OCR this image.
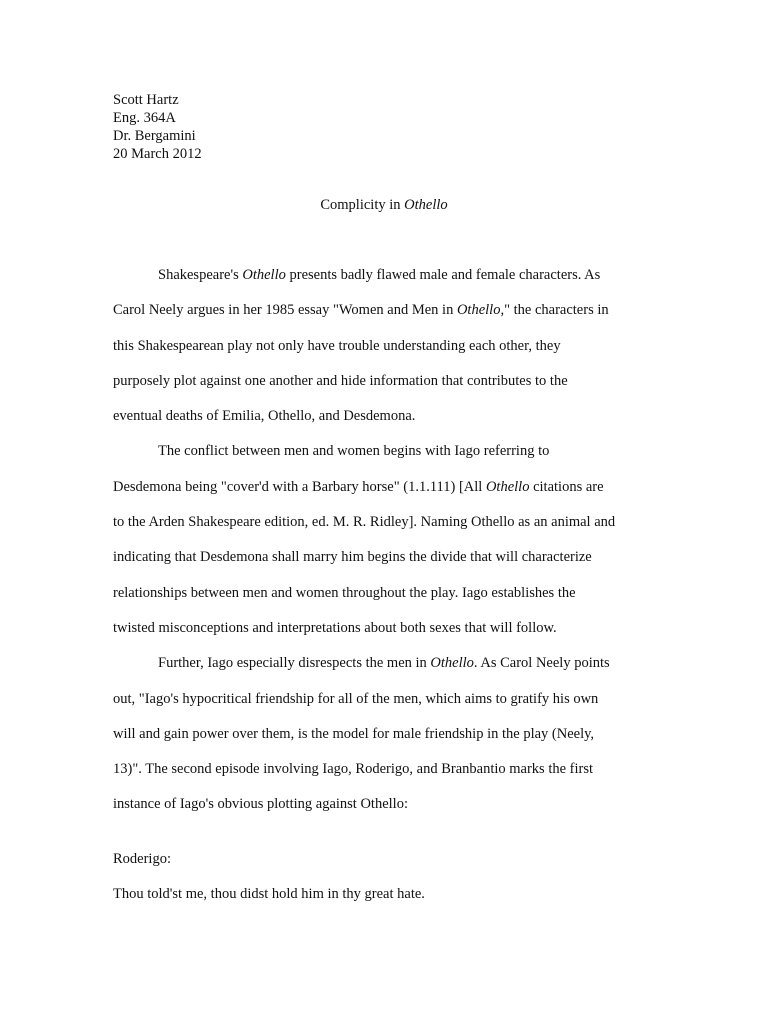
Scott Hartz
Eng. 364A
Dr. Bergamini
20 March 2012
Complicity in Othello
Shakespeare's Othello presents badly flawed male and female characters. As
Carol Neely argues in her 1985 essay "Women and Men in Othello," the characters in
this Shakespearean play not only have trouble understanding each other, they
purposely plot against one another and hide information that contributes to the
eventual deaths of Emilia, Othello, and Desdemona.
The conflict between men and women begins with Iago referring to
Desdemona being "cover'd with a Barbary horse" (1.1.111) [All Othello citations are
to the Arden Shakespeare edition, ed. M. R. Ridley]. Naming Othello as an animal and
indicating that Desdemona shall marry him begins the divide that will characterize
relationships between men and women throughout the play. Iago establishes the
twisted misconceptions and interpretations about both sexes that will follow.
Further, Iago especially disrespects the men in Othello. As Carol Neely points
out, "Iago's hypocritical friendship for all of the men, which aims to gratify his own
will and gain power over them, is the model for male friendship in the play (Neely,
13)". The second episode involving Iago, Roderigo, and Branbantio marks the first
instance of Iago's obvious plotting against Othello:
Roderigo:
Thou told'st me, thou didst hold him in thy great hate.
